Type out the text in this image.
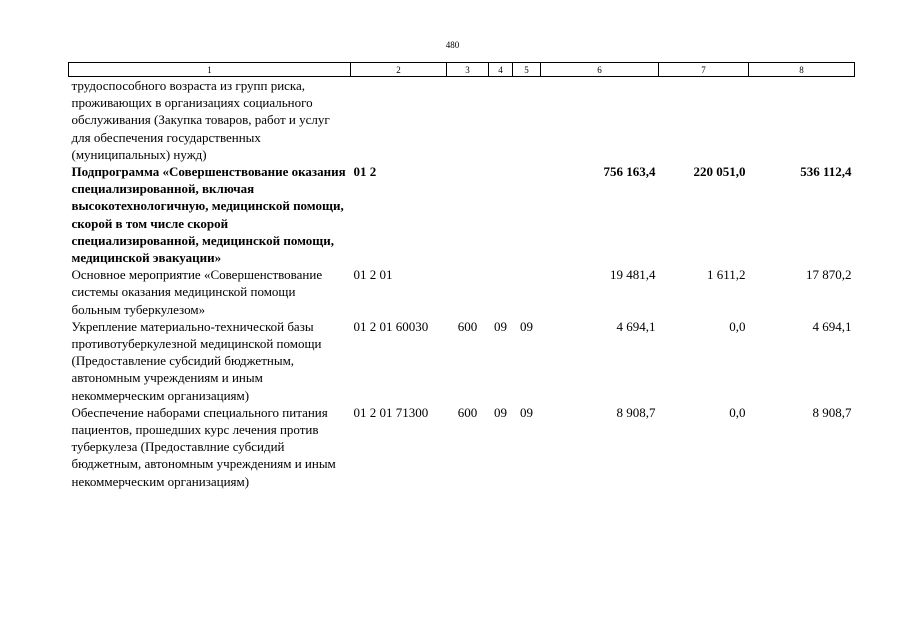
480
1	2	3	4	5	6	7	8
трудоспособного возраста из групп риска, проживающих в организациях социального обслуживания (Закупка товаров, работ и услуг для обеспечения государственных (муниципальных) нужд)							
Подпрограмма «Совершенствование оказания специализированной, включая высокотехнологичную, медицинской помощи, скорой в том числе скорой специализированной, медицинской помощи, медицинской эвакуации»	01 2				756 163,4	220 051,0	536 112,4
Основное мероприятие «Совершенствование системы оказания медицинской помощи больным туберкулезом»	01 2 01				19 481,4	1 611,2	17 870,2
Укрепление материально-технической базы противотуберкулезной медицинской помощи (Предоставление субсидий бюджетным, автономным учреждениям и иным некоммерческим организациям)	01 2 01 60030	600	09	09	4 694,1	0,0	4 694,1
Обеспечение наборами специального питания пациентов, прошедших курс лечения против туберкулеза (Предоставлние субсидий бюджетным, автономным учреждениям и иным некоммерческим организациям)	01 2 01 71300	600	09	09	8 908,7	0,0	8 908,7
